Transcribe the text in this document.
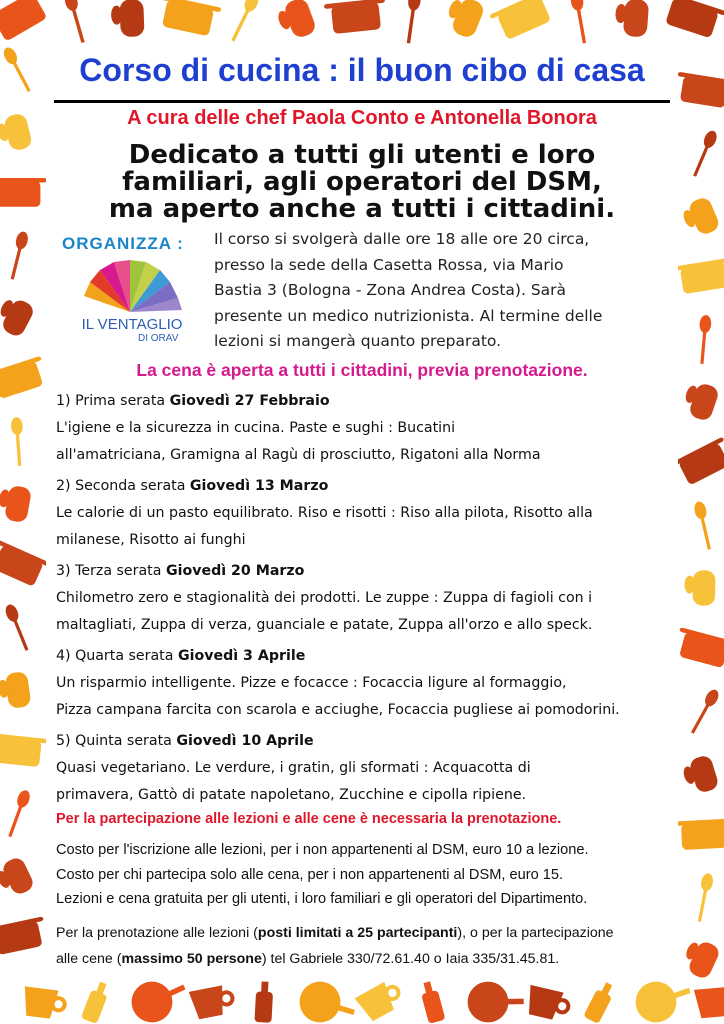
Corso di cucina : il buon cibo di casa
A cura delle chef Paola Conto e Antonella Bonora
Dedicato a tutti gli utenti e loro
familiari, agli operatori del DSM,
ma aperto anche a tutti i cittadini.
ORGANIZZA :
IL VENTAGLIO
DI ORAV
Il corso si svolgerà dalle ore 18 alle ore 20 circa,
presso la sede della Casetta Rossa, via Mario
Bastia 3 (Bologna - Zona Andrea Costa). Sarà
presente un medico nutrizionista. Al termine delle
lezioni si mangerà quanto preparato.
La cena è aperta a tutti i cittadini, previa prenotazione.
1) Prima serata Giovedì 27 Febbraio
L'igiene e la sicurezza in cucina. Paste e sughi : Bucatini
all'amatriciana, Gramigna al Ragù di prosciutto, Rigatoni alla Norma
2) Seconda serata Giovedì 13 Marzo
Le calorie di un pasto equilibrato. Riso e risotti : Riso alla pilota, Risotto alla
milanese, Risotto ai funghi
3) Terza serata Giovedì 20 Marzo
Chilometro zero e stagionalità dei prodotti. Le zuppe : Zuppa di fagioli con i
maltagliati, Zuppa di verza, guanciale e patate, Zuppa all'orzo e allo speck.
4) Quarta serata Giovedì 3 Aprile
Un risparmio intelligente. Pizze e focacce : Focaccia ligure al formaggio,
Pizza campana farcita con scarola e acciughe, Focaccia pugliese ai pomodorini.
5) Quinta serata Giovedì 10 Aprile
Quasi vegetariano. Le verdure, i gratin, gli sformati : Acquacotta di
primavera, Gattò di patate napoletano, Zucchine e cipolla ripiene.
Per la partecipazione alle lezioni e alle cene è necessaria la prenotazione.
Costo per l'iscrizione alle lezioni, per i non appartenenti al DSM, euro 10 a lezione.
Costo per chi partecipa solo alle cena, per i non appartenenti al DSM, euro 15.
Lezioni e cena gratuita per gli utenti, i loro familiari e gli operatori del Dipartimento.
Per la prenotazione alle lezioni (posti limitati a 25 partecipanti), o per la partecipazione
alle cene (massimo 50 persone) tel Gabriele 330/72.61.40 o Iaia 335/31.45.81.
